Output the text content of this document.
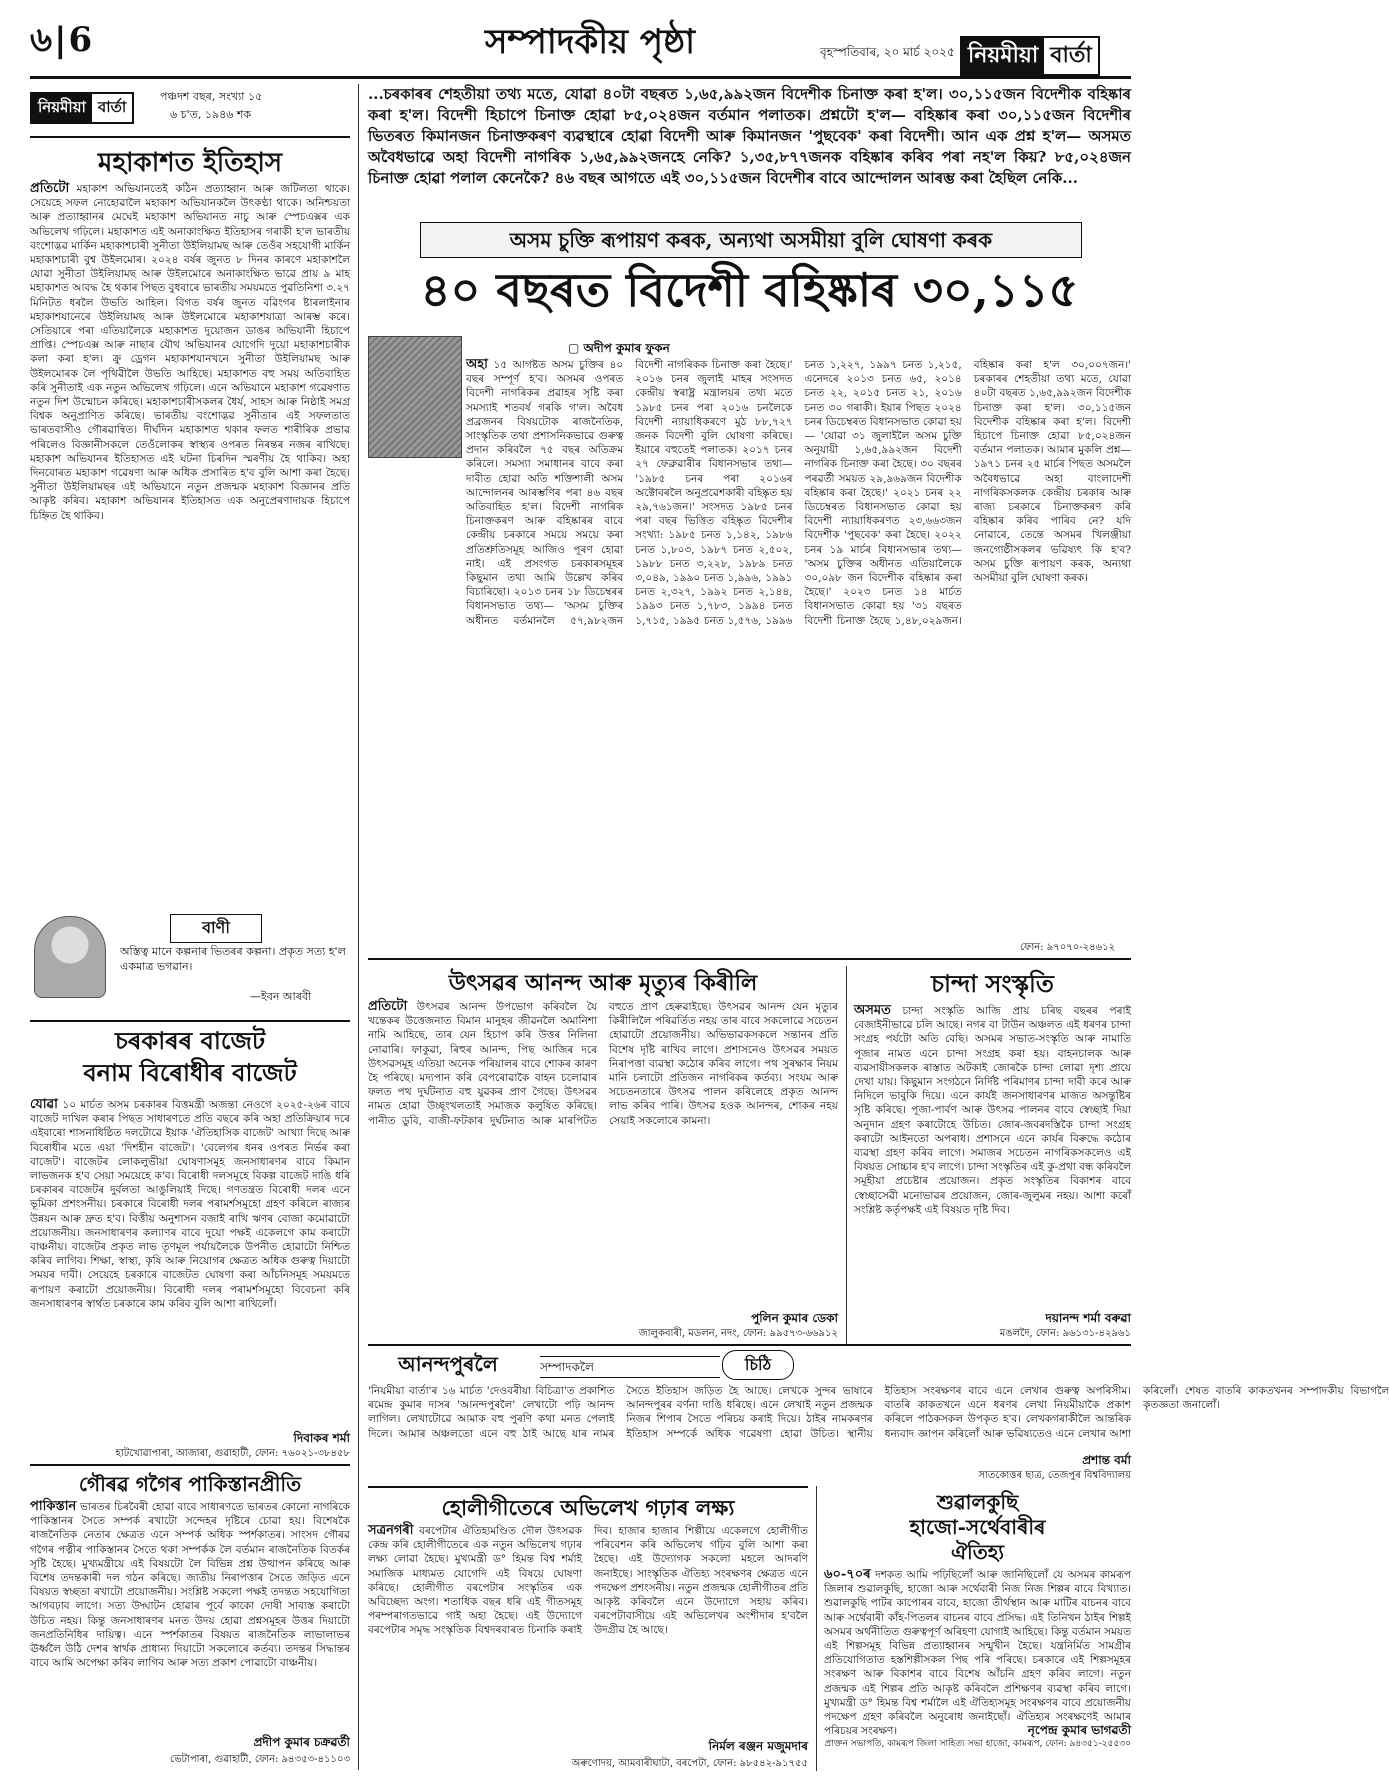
৬|6	সম্পাদকীয় পৃষ্ঠা	বৃহস্পতিবাৰ, ২০ মাৰ্চ ২০২৫ নিয়মীয়া বাৰ্তা
নিয়মীয়া বাৰ্তা
পঞ্চদশ বছৰ, সংখ্যা ১৫
৬ চ'ত, ১৯৪৬ শক
মহাকাশত ইতিহাস
প্ৰতিটো মহাকাশ অভিযানতেই কঠিন প্ৰত্যাহ্বান আৰু জটিলতা থাকে। সেয়েহে সফল নোহোৱালৈ মহাকাশ অভিযানকলৈ উৎকণ্ঠা থাকে। অনিশ্চয়তা আৰু প্ৰত্যাহ্বানৰ মেঘেই মহাকাশ অভিযানত নাচু আৰু স্পেচএক্সৰ এক অভিলেখ গঢ়িলে। মহাকাশত এই অনাকাংক্ষিত ইতিহাসৰ গৰাকী হ'ল ভাৰতীয় বংশোদ্ভৱ মাৰ্কিন মহাকাশচাৰী সুনীতা উইলিয়ামছ আৰু তেওঁৰ সহযোগী মাৰ্কিন মহাকাশচাৰী বুশ্ব উইলমোৰ। ২০২৪ বৰ্ষৰ জুনত ৮ দিনৰ কাৰণে মহাকাশলৈ যোৱা সুনীতা উইলিয়ামছ আৰু উইলমোৰে অনাকাংক্ষিত ভাৱে প্ৰায় ৯ মাহ মহাকাশত আবদ্ধ হৈ থকাৰ পিছত বুধবাৰে ভাৰতীয় সময়মতে পুৱতিনিশা ৩.২৭ মিনিটত ধৰলৈ উভতি আহিল। বিগত বৰ্ষৰ জুনত বৱিংগৰ ষ্টাৰলাইনাৰ মহাকাশযানেৰে উইলিয়ামছ আৰু উইলমোৰে মহাকাশযাত্ৰা আৰম্ভ কৰে। সেতিয়াৰে পৰা এতিয়ালৈকে মহাকাশত দুয়োজন ডাঙৰ অভিযানী হিচাপে প্ৰাপ্তি। স্পেচএক্স আৰু নাছাৰ যৌথ অভিযানৰ যোগেদি দুয়ো মহাকাশচাৰীক কলা কৰা হ'ল। ক্ৰু ড্ৰেগন মহাকাশযানখনে সুনীতা উইলিয়ামছ আৰু উইলমোৰক লৈ পৃথিৱীলৈ উভতি আহিছে। মহাকাশত বহু সময় অতিবাহিত কৰি সুনীতাই এক নতুন অভিলেখ গঢ়িলে। এনে অভিযানে মহাকাশ গৱেষণাত নতুন দিশ উন্মোচন কৰিছে। মহাকাশচাৰীসকলৰ ধৈৰ্য, সাহস আৰু নিষ্ঠাই সমগ্ৰ বিশ্বক অনুপ্ৰাণিত কৰিছে। ভাৰতীয় বংশোদ্ভৱ সুনীতাৰ এই সফলতাত ভাৰতবাসীও গৌৰৱান্বিত। দীৰ্ঘদিন মহাকাশত থকাৰ ফলত শাৰীৰিক প্ৰভাৱ পৰিলেও বিজ্ঞানীসকলে তেওঁলোকৰ স্বাস্থ্যৰ ওপৰত নিৰন্তৰ নজৰ ৰাখিছে। মহাকাশ অভিযানৰ ইতিহাসত এই ঘটনা চিৰদিন স্মৰণীয় হৈ থাকিব। অহা দিনবোৰত মহাকাশ গৱেষণা আৰু অধিক প্ৰসাৰিত হ'ব বুলি আশা কৰা হৈছে। সুনীতা উইলিয়ামছৰ এই অভিযানে নতুন প্ৰজন্মক মহাকাশ বিজ্ঞানৰ প্ৰতি আকৃষ্ট কৰিব। মহাকাশ অভিযানৰ ইতিহাসত এক অনুপ্ৰেৰণাদায়ক হিচাপে চিহ্নিত হৈ থাকিব।
বাণী
অস্তিত্ব মানে কল্পনাৰ ভিতৰৰ কল্পনা। প্ৰকৃত সত্য হ'ল একমাত্ৰ ভগৱান।
—ইবন আৰবী
...চৰকাৰৰ শেহতীয়া তথ্য মতে, যোৱা ৪০টা বছৰত ১,৬৫,৯৯২জন বিদেশীক চিনাক্ত কৰা হ'ল। ৩০,১১৫জন বিদেশীক বহিষ্কাৰ কৰা হ'ল। বিদেশী হিচাপে চিনাক্ত হোৱা ৮৫,০২৪জন বৰ্তমান পলাতক। প্ৰশ্নটো হ'ল— বহিষ্কাৰ কৰা ৩০,১১৫জন বিদেশীৰ ভিতৰত কিমানজন চিনাক্তকৰণ ব্যৱস্থাৰে হোৱা বিদেশী আৰু কিমানজন 'পুছবেক' কৰা বিদেশী। আন এক প্ৰশ্ন হ'ল— অসমত অবৈধভাৱে অহা বিদেশী নাগৰিক ১,৬৫,৯৯২জনহে নেকি? ১,৩৫,৮৭৭জনক বহিষ্কাৰ কৰিব পৰা নহ'ল কিয়? ৮৫,০২৪জন চিনাক্ত হোৱা পলাল কেনেকৈ? ৪৬ বছৰ আগতে এই ৩০,১১৫জন বিদেশীৰ বাবে আন্দোলন আৰম্ভ কৰা হৈছিল নেকি...
অসম চুক্তি ৰূপায়ণ কৰক, অন্যথা অসমীয়া বুলি ঘোষণা কৰক
৪০ বছৰত বিদেশী বহিষ্কাৰ ৩০,১১৫
▢ অদীপ কুমাৰ ফুকন
অহা ১৫ আগষ্টত অসম চুক্তিৰ ৪০ বছৰ সম্পূৰ্ণ হ'ব। অসমৰ ওপৰত বিদেশী নাগৰিকৰ প্ৰৱাহৰ সৃষ্টি কৰা সমস্যাই শতবৰ্ষ গৰকি গ'ল। অবৈধ প্ৰব্ৰজনৰ বিষয়টোক ৰাজনৈতিক, সাংস্কৃতিক তথা প্ৰশাসনিকভাৱে গুৰুত্ব প্ৰদান কৰিবলৈ ৭৫ বছৰ অতিক্ৰম কৰিলে। সমস্যা সমাধানৰ বাবে কৰা দাবীত হোৱা অতি শক্তিশালী অসম আন্দোলনৰ আৰম্ভণিৰ পৰা ৪৬ বছৰ অতিবাহিত হ'ল। বিদেশী নাগৰিক চিনাক্তকৰণ আৰু বহিষ্কাৰৰ বাবে কেন্দ্ৰীয় চৰকাৰে সময়ে সময়ে কৰা প্ৰতিশ্ৰুতিসমূহ আজিও পূৰণ হোৱা নাই। এই প্ৰসংগত চৰকাৰসমূহৰ কিছুমান তথ্য আমি উল্লেখ কৰিব বিচাৰিছো। ২০১৩ চনৰ ১৮ ডিচেম্বৰৰ বিধানসভাত তথ্য— 'অসম চুক্তিৰ অধীনত বৰ্তমানলৈ ৫৭,৯৮২জন বিদেশী নাগৰিকক চিনাক্ত কৰা হৈছে।' ২০১৬ চনৰ জুলাই মাহৰ সংসদত কেন্দ্ৰীয় স্বৰাষ্ট্ৰ মন্ত্ৰালয়ৰ তথ্য মতে ১৯৮৫ চনৰ পৰা ২০১৬ চনলৈকে বিদেশী ন্যায়াধিকৰণে মুঠ ৮৮,৭২৭ জনক বিদেশী বুলি ঘোষণা কৰিছে। ইয়াৰে বহুতেই পলাতক। ২০১৭ চনৰ ২৭ ফেব্ৰুৱাৰীৰ বিধানসভাৰ তথ্য— '১৯৮৫ চনৰ পৰা ২০১৬ৰ অক্টোবৰলৈ অনুপ্ৰৱেশকাৰী বহিষ্কৃত হয় ২৯,৭৬১জন।' সংসদত ১৯৮৫ চনৰ পৰা বছৰ ভিত্তিত বহিষ্কৃত বিদেশীৰ সংখ্যা: ১৯৮৫ চনত ১,১৪২, ১৯৮৬ চনত ১,৮০৩, ১৯৮৭ চনত ২,৫০২, ১৯৮৮ চনত ৩,২২৮, ১৯৮৯ চনত ৩,০৪৯, ১৯৯০ চনত ১,৯৯৬, ১৯৯১ চনত ২,৩২৭, ১৯৯২ চনত ২,১৪৪, ১৯৯৩ চনত ১,৭৮৩, ১৯৯৪ চনত ১,৭১৫, ১৯৯৫ চনত ১,৫৭৬, ১৯৯৬ চনত ১,২২৭, ১৯৯৭ চনত ১,২১৫, এনেদৰে ২০১৩ চনত ৬৫, ২০১৪ চনত ২২, ২০১৫ চনত ২১, ২০১৬ চনত ৩০ গৰাকী। ইয়াৰ পিছত ২০২৪ চনৰ ডিচেম্বৰত বিধানসভাত কোৱা হয়— 'যোৱা ৩১ জুলাইলৈ অসম চুক্তি অনুযায়ী ১,৬৫,৯৯২জন বিদেশী নাগৰিক চিনাক্ত কৰা হৈছে। ৩০ বছৰৰ পৰৱৰ্তী সময়ত ২৯,৯৬৯জন বিদেশীক বহিষ্কাৰ কৰা হৈছে।' ২০২১ চনৰ ২২ ডিচেম্বৰত বিধানসভাত কোৱা হয় বিদেশী ন্যায়াধিকৰণত ২৩,৬৬৩জন বিদেশীক 'পুছবেক' কৰা হৈছে। ২০২২ চনৰ ১৯ মাৰ্চৰ বিধানসভাৰ তথ্য— 'অসম চুক্তিৰ অধীনত এতিয়ালৈকে ৩০,০৯৮ জন বিদেশীক বহিষ্কাৰ কৰা হৈছে।' ২০২৩ চনত ১৪ মাৰ্চত বিধানসভাত কোৱা হয় '৩১ বছৰত বিদেশী চিনাক্ত হৈছে ১,৪৮,০২৯জন। বহিষ্কাৰ কৰা হ'ল ৩০,০০৭জন।' চৰকাৰৰ শেহতীয়া তথ্য মতে, যোৱা ৪০টা বছৰত ১,৬৫,৯৯২জন বিদেশীক চিনাক্ত কৰা হ'ল। ৩০,১১৫জন বিদেশীক বহিষ্কাৰ কৰা হ'ল। বিদেশী হিচাপে চিনাক্ত হোৱা ৮৫,০২৪জন বৰ্তমান পলাতক। আমাৰ মুকলি প্ৰশ্ন— ১৯৭১ চনৰ ২৫ মাৰ্চৰ পিছত অসমলৈ অবৈধভাৱে অহা বাংলাদেশী নাগৰিকসকলক কেন্দ্ৰীয় চৰকাৰ আৰু ৰাজ্য চৰকাৰে চিনাক্তকৰণ কৰি বহিষ্কাৰ কৰিব পাৰিব নে? যদি নোৱাৰে, তেন্তে অসমৰ খিলঞ্জীয়া জনগোষ্ঠীসকলৰ ভৱিষ্যৎ কি হ'ব? অসম চুক্তি ৰূপায়ণ কৰক, অন্যথা অসমীয়া বুলি ঘোষণা কৰক।
ফোন: ৯৭০৭০-২৪৬১২
চৰকাৰৰ বাজেট
বনাম বিৰোধীৰ বাজেট
যোৱা ১০ মাৰ্চত অসম চৰকাৰৰ বিত্তমন্ত্ৰী অজন্তা নেওগে ২০২৫-২৬ৰ বাবে বাজেট দাখিল কৰাৰ পিছত সাধাৰণতে প্ৰতি বছৰে কৰি অহা প্ৰতিক্ৰিয়াৰ দৰে এইবাৰো শাসনাধিষ্ঠিত দলটোৱে ইয়াক 'ঐতিহাসিক বাজেট' আখ্যা দিছে আৰু বিৰোধীৰ মতে এয়া 'দিশহীন বাজেট'। 'বেলেগৰ ধনৰ ওপৰত নিৰ্ভৰ কৰা বাজেট'। বাজেটৰ লোকলুভীয়া ঘোষণাসমূহ জনসাধাৰণৰ বাবে কিমান লাভজনক হ'ব সেয়া সময়েহে ক'ব। বিৰোধী দলসমূহে বিকল্প বাজেট দাঙি ধৰি চৰকাৰৰ বাজেটৰ দুৰ্বলতা আঙুলিয়াই দিছে। গণতন্ত্ৰত বিৰোধী দলৰ এনে ভূমিকা প্ৰশংসনীয়। চৰকাৰে বিৰোধী দলৰ পৰামৰ্শসমূহো গ্ৰহণ কৰিলে ৰাজ্যৰ উন্নয়ন আৰু দ্ৰুত হ'ব। বিত্তীয় অনুশাসন বজাই ৰাখি ঋণৰ বোজা কমোৱাটো প্ৰয়োজনীয়। জনসাধাৰণৰ কল্যাণৰ বাবে দুয়ো পক্ষই একেলগে কাম কৰাটো বাঞ্চনীয়। বাজেটৰ প্ৰকৃত লাভ তৃণমূল পৰ্যায়লৈকে উপনীত হোৱাটো নিশ্চিত কৰিব লাগিব। শিক্ষা, স্বাস্থ্য, কৃষি আৰু নিয়োগৰ ক্ষেত্ৰত অধিক গুৰুত্ব দিয়াটো সময়ৰ দাবী। সেয়েহে চৰকাৰে বাজেটত ঘোষণা কৰা আঁচনিসমূহ সময়মতে ৰূপায়ণ কৰাটো প্ৰয়োজনীয়। বিৰোধী দলৰ পৰামৰ্শসমূহো বিবেচনা কৰি জনসাধাৰণৰ স্বাৰ্থত চৰকাৰে কাম কৰিব বুলি আশা ৰাখিলোঁ।
দিবাকৰ শৰ্মা
হাটখোৱাপাৰা, আজাৰা, গুৱাহাটী, ফোন: ৭৬০২১-৩৮৪৫৮
গৌৰৱ গগৈৰ পাকিস্তানপ্ৰীতি
পাকিস্তান ভাৰতৰ চিৰবৈৰী হোৱা বাবে সাধাৰণতে ভাৰতৰ কোনো নাগৰিকে পাকিস্তানৰ সৈতে সম্পৰ্ক ৰখাটো সন্দেহৰ দৃষ্টিৰে চোৱা হয়। বিশেষকৈ ৰাজনৈতিক নেতাৰ ক্ষেত্ৰত এনে সম্পৰ্ক অধিক স্পৰ্শকাতৰ। সাংসদ গৌৰৱ গগৈৰ পত্নীৰ পাকিস্তানৰ সৈতে থকা সম্পৰ্কক লৈ বৰ্তমান ৰাজনৈতিক বিতৰ্কৰ সৃষ্টি হৈছে। মুখ্যমন্ত্ৰীয়ে এই বিষয়টো লৈ বিভিন্ন প্ৰশ্ন উত্থাপন কৰিছে আৰু বিশেষ তদন্তকাৰী দল গঠন কৰিছে। জাতীয় নিৰাপত্তাৰ সৈতে জড়িত এনে বিষয়ত স্বচ্ছতা ৰখাটো প্ৰয়োজনীয়। সংশ্লিষ্ট সকলো পক্ষই তদন্তত সহযোগিতা আগবঢ়াব লাগে। সত্য উদ্ঘাটন হোৱাৰ পূৰ্বে কাকো দোষী সাব্যস্ত কৰাটো উচিত নহয়। কিন্তু জনসাধাৰণৰ মনত উদয় হোৱা প্ৰশ্নসমূহৰ উত্তৰ দিয়াটো জনপ্ৰতিনিধিৰ দায়িত্ব। এনে স্পৰ্শকাতৰ বিষয়ত ৰাজনৈতিক লাভালাভৰ ঊৰ্ধ্বলৈ উঠি দেশৰ স্বাৰ্থক প্ৰাধান্য দিয়াটো সকলোৰে কৰ্তব্য। তদন্তৰ সিদ্ধান্তৰ বাবে আমি অপেক্ষা কৰিব লাগিব আৰু সত্য প্ৰকাশ পোৱাটো বাঞ্চনীয়।
প্ৰদীপ কুমাৰ চক্ৰৱৰ্তী
ভেটাপাৰা, গুৱাহাটী, ফোন: ৯৪৩৫৩-৪১১০৩
উৎসৱৰ আনন্দ আৰু মৃত্যুৰ কিৰীলি
প্ৰতিটো উৎসৱৰ আনন্দ উপভোগ কৰিবলৈ যৈ খন্তেকৰ উত্তেজনাত বিমান মানুহৰ জীৱনলৈ অমানিশা নামি আহিছে, তাৰ যেন হিচাপ কৰি উত্তৰ নিলিনা নোৱাৰি। ফাকুৱা, ৰিহুৰ আনন্দ, পিছ আজিৰ দৰে উৎসৱসমূহ এতিয়া অনেক পৰিয়ালৰ বাবে শোকৰ কাৰণ হৈ পৰিছে। মদ্যপান কৰি বেপৰোৱাকৈ বাহন চলোৱাৰ ফলত পথ দুৰ্ঘটনাত বহু যুৱকৰ প্ৰাণ গৈছে। উৎসৱৰ নামত হোৱা উচ্ছৃংখলতাই সমাজক কলুষিত কৰিছে। পানীত ডুবি, বাজী-ফটকাৰ দুৰ্ঘটনাত আৰু মাৰপিটত বহুতে প্ৰাণ হেৰুৱাইছে। উৎসৱৰ আনন্দ যেন মৃত্যুৰ কিৰীলিলৈ পৰিৱৰ্তিত নহয় তাৰ বাবে সকলোৱে সচেতন হোৱাটো প্ৰয়োজনীয়। অভিভাৱকসকলে সন্তানৰ প্ৰতি বিশেষ দৃষ্টি ৰাখিব লাগে। প্ৰশাসনেও উৎসৱৰ সময়ত নিৰাপত্তা ব্যৱস্থা কঠোৰ কৰিব লাগে। পথ সুৰক্ষাৰ নিয়ম মানি চলাটো প্ৰতিজন নাগৰিকৰ কৰ্তব্য। সংযম আৰু সচেতনতাৰে উৎসৱ পালন কৰিলেহে প্ৰকৃত আনন্দ লাভ কৰিব পাৰি। উৎসৱ হওক আনন্দৰ, শোকৰ নহয় সেয়াই সকলোৰে কামনা।
পুলিন কুমাৰ ডেকা
জালুকবাৰী, মডলন, নদং, ফোন: ৯৯৫৭৩-৬৬৯১২
চান্দা সংস্কৃতি
অসমত চান্দা সংস্কৃতি আজি প্ৰায় চৰিছ বছৰৰ পৰাই বেজাইনীভাৱে চলি আছে। নগৰ বা টাউন অঞ্চলত এই ধৰণৰ চান্দা সংগ্ৰহ পৰ্যটো অতি বেছি। অসমৰ সভাত-সংস্কৃতি আৰু নামাতি পূজাৰ নামত এনে চান্দা সংগ্ৰহ কৰা হয়। বাহনচালক আৰু ব্যৱসায়ীসকলক ৰাস্তাত অটকাই জোৰকৈ চান্দা লোৱা দৃশ্য প্ৰায়ে দেখা যায়। কিছুমান সংগঠনে নিৰ্দিষ্ট পৰিমাণৰ চান্দা দাবী কৰে আৰু নিদিলে ভাবুকি দিয়ে। এনে কাৰ্যই জনসাধাৰণৰ মাজত অসন্তুষ্টিৰ সৃষ্টি কৰিছে। পূজা-পাৰ্বণ আৰু উৎসৱ পালনৰ বাবে স্বেচ্ছাই দিয়া অনুদান গ্ৰহণ কৰাটোহে উচিত। জোৰ-জবৰদস্তিকৈ চান্দা সংগ্ৰহ কৰাটো আইনতো অপৰাধ। প্ৰশাসনে এনে কাৰ্যৰ বিৰুদ্ধে কঠোৰ ব্যৱস্থা গ্ৰহণ কৰিব লাগে। সমাজৰ সচেতন নাগৰিকসকলেও এই বিষয়ত সোচ্চাৰ হ'ব লাগে। চান্দা সংস্কৃতিৰ এই কু-প্ৰথা বন্ধ কৰিবলৈ সমূহীয়া প্ৰচেষ্টাৰ প্ৰয়োজন। প্ৰকৃত সংস্কৃতিৰ বিকাশৰ বাবে স্বেচ্ছাসেৱী মনোভাৱৰ প্ৰয়োজন, জোৰ-জুলুমৰ নহয়। আশা কৰোঁ সংশ্লিষ্ট কৰ্তৃপক্ষই এই বিষয়ত দৃষ্টি দিব।
দয়ানন্দ শৰ্মা বৰুৱা
মঙলদৈ, ফোন: ৯৬১৩১-৪২৯৬১
আনন্দপুৰলৈ	সম্পাদকলৈ	চিঠি
'নিয়মীয়া বাৰ্তা'ৰ ১৬ মাৰ্চত 'দেওবৰীয়া বিচিত্ৰা'ত প্ৰকাশিত ৰমেন্দ্ৰ কুমাৰ দাসৰ 'আনন্দপুৰলৈ' লেখাটো পঢ়ি আনন্দ লাগিল। লেখাটোৱে আমাক বহু পুৰণি কথা মনত পেলাই দিলে। আমাৰ অঞ্চলতো এনে বহু ঠাই আছে যাৰ নামৰ সৈতে ইতিহাস জড়িত হৈ আছে। লেখকে সুন্দৰ ভাষাৰে আনন্দপুৰৰ বৰ্ণনা দাঙি ধৰিছে। এনে লেখাই নতুন প্ৰজন্মক নিজৰ শিপাৰ সৈতে পৰিচয় কৰাই দিয়ে। ঠাইৰ নামকৰণৰ ইতিহাস সম্পৰ্কে অধিক গৱেষণা হোৱা উচিত। স্থানীয় ইতিহাস সংৰক্ষণৰ বাবে এনে লেখাৰ গুৰুত্ব অপৰিসীম। বাতৰি কাকতখনে এনে ধৰণৰ লেখা নিয়মীয়াকৈ প্ৰকাশ কৰিলে পাঠকসকল উপকৃত হ'ব। লেখকগৰাকীলৈ আন্তৰিক ধন্যবাদ জ্ঞাপন কৰিলোঁ আৰু ভৱিষ্যতেও এনে লেখাৰ আশা কৰিলোঁ। শেষত বাতৰি কাকতখনৰ সম্পাদকীয় বিভাগলৈ কৃতজ্ঞতা জনালোঁ।
প্ৰশান্ত বৰ্মা
সাতকোত্তৰ ছাত্ৰ, তেজপুৰ বিশ্ববিদ্যালয়
হোলীগীতেৰে অভিলেখ গঢ়াৰ লক্ষ্য
সত্ৰনগৰী বৰপেটাৰ ঐতিহ্যমণ্ডিত দৌল উৎসৱক কেন্দ্ৰ কৰি হোলীগীতেৰে এক নতুন অভিলেখ গঢ়াৰ লক্ষ্য লোৱা হৈছে। মুখ্যমন্ত্ৰী ড° হিমন্ত বিশ্ব শৰ্মাই সমাজিক মাধ্যমত যোগেদি এই বিষয়ে ঘোষণা কৰিছে। হোলীগীত বৰপেটাৰ সংস্কৃতিৰ এক অবিচ্ছেদ্য অংগ। শতাধিক বছৰ ধৰি এই গীতসমূহ পৰম্পৰাগতভাৱে গাই অহা হৈছে। এই উদ্যোগে বৰপেটাৰ সমৃদ্ধ সংস্কৃতিক বিশ্বদৰবাৰত চিনাকি কৰাই দিব। হাজাৰ হাজাৰ শিল্পীয়ে একেলগে হোলীগীত পৰিবেশন কৰি অভিলেখ গঢ়িব বুলি আশা কৰা হৈছে। এই উদ্যোগক সকলো মহলে আদৰণি জনাইছে। সাংস্কৃতিক ঐতিহ্য সংৰক্ষণৰ ক্ষেত্ৰত এনে পদক্ষেপ প্ৰশংসনীয়। নতুন প্ৰজন্মক হোলীগীতৰ প্ৰতি আকৃষ্ট কৰিবলৈ এনে উদ্যোগে সহায় কৰিব। বৰপেটাবাসীয়ে এই অভিলেখৰ অংশীদাৰ হ'বলৈ উদগ্ৰীৱ হৈ আছে।
নিৰ্মল ৰঞ্জন মজুমদাৰ
অৰুণোদয়, আমবাৰীঘাটা, বৰপেটা, ফোন: ৯৮৫৪২-৯১৭৫৫
শুৱালকুছি
হাজো-সৰ্থেবাৰীৰ
ঐতিহ্য
৬০-৭০ৰ দশকত আমি পঢ়িছিলোঁ আৰু জানিছিলোঁ যে অসমৰ কামৰূপ জিলাৰ শুৱালকুছি, হাজো আৰু সৰ্থেবাৰী নিজ নিজ শিল্পৰ বাবে বিখ্যাত। শুৱালকুছি পাটৰ কাপোৰৰ বাবে, হাজো তীৰ্থস্থান আৰু মাটিৰ বাচনৰ বাবে আৰু সৰ্থেবাৰী কাঁহ-পিতলৰ বাচনৰ বাবে প্ৰসিদ্ধ। এই তিনিখন ঠাইৰ শিল্পই অসমৰ অৰ্থনীতিত গুৰুত্বপূৰ্ণ অৰিহণা যোগাই আহিছে। কিন্তু বৰ্তমান সময়ত এই শিল্পসমূহ বিভিন্ন প্ৰত্যাহ্বানৰ সন্মুখীন হৈছে। যন্ত্ৰনিৰ্মিত সামগ্ৰীৰ প্ৰতিযোগিতাত হস্তশিল্পীসকল পিছ পৰি পৰিছে। চৰকাৰে এই শিল্পসমূহৰ সংৰক্ষণ আৰু বিকাশৰ বাবে বিশেষ আঁচনি গ্ৰহণ কৰিব লাগে। নতুন প্ৰজন্মক এই শিল্পৰ প্ৰতি আকৃষ্ট কৰিবলৈ প্ৰশিক্ষণৰ ব্যৱস্থা কৰিব লাগে। মুখ্যমন্ত্ৰী ড° হিমন্ত বিশ্ব শৰ্মালৈ এই ঐতিহ্যসমূহ সংৰক্ষণৰ বাবে প্ৰয়োজনীয় পদক্ষেপ গ্ৰহণ কৰিবলৈ অনুৰোধ জনাইছোঁ। ঐতিহ্যৰ সংৰক্ষণেই আমাৰ পৰিচয়ৰ সংৰক্ষণ।	নৃপেন্দ্ৰ কুমাৰ ভাগৱতী
প্ৰাক্তন সভাপতি, কামৰূপ জিলা সাহিত্য সভা হাজো, কামৰূপ, ফোন: ৯৪৩৫১-২৫৫৩০
